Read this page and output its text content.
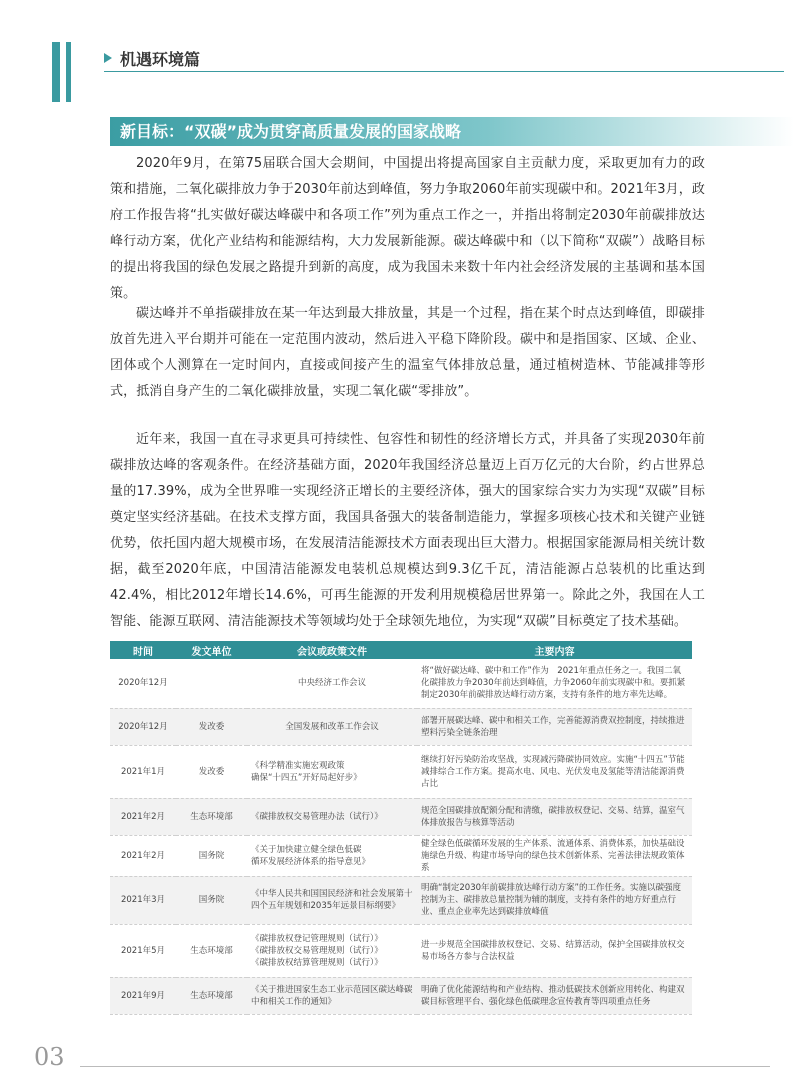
机遇环境篇
新目标：“双碳”成为贯穿高质量发展的国家战略
2020年9月，在第75届联合国大会期间，中国提出将提高国家自主贡献力度，采取更加有力的政策和措施，二氧化碳排放力争于2030年前达到峰值，努力争取2060年前实现碳中和。2021年3月，政府工作报告将“扎实做好碳达峰碳中和各项工作”列为重点工作之一，并指出将制定2030年前碳排放达峰行动方案，优化产业结构和能源结构，大力发展新能源。碳达峰碳中和（以下简称“双碳”）战略目标的提出将我国的绿色发展之路提升到新的高度，成为我国未来数十年内社会经济发展的主基调和基本国策。
碳达峰并不单指碳排放在某一年达到最大排放量，其是一个过程，指在某个时点达到峰值，即碳排放首先进入平台期并可能在一定范围内波动，然后进入平稳下降阶段。碳中和是指国家、区域、企业、团体或个人测算在一定时间内，直接或间接产生的温室气体排放总量，通过植树造林、节能减排等形式，抵消自身产生的二氧化碳排放量，实现二氧化碳“零排放”。
近年来，我国一直在寻求更具可持续性、包容性和韧性的经济增长方式，并具备了实现2030年前碳排放达峰的客观条件。在经济基础方面，2020年我国经济总量迈上百万亿元的大台阶，约占世界总量的17.39%，成为全世界唯一实现经济正增长的主要经济体，强大的国家综合实力为实现“双碳”目标奠定坚实经济基础。在技术支撑方面，我国具备强大的装备制造能力，掌握多项核心技术和关键产业链优势，依托国内超大规模市场，在发展清洁能源技术方面表现出巨大潜力。根据国家能源局相关统计数据，截至2020年底，中国清洁能源发电装机总规模达到9.3亿千瓦，清洁能源占总装机的比重达到42.4%，相比2012年增长14.6%，可再生能源的开发利用规模稳居世界第一。除此之外，我国在人工智能、能源互联网、清洁能源技术等领域均处于全球领先地位，为实现“双碳”目标奠定了技术基础。
时间	发文单位	会议或政策文件	主要内容
2020年12月		中央经济工作会议	将“做好碳达峰、碳中和工作”作为　2021年重点任务之一。我国二氧化碳排放力争2030年前达到峰值，力争2060年前实现碳中和。要抓紧制定2030年前碳排放达峰行动方案，支持有条件的地方率先达峰。
2020年12月	发改委	全国发展和改革工作会议	部署开展碳达峰、碳中和相关工作，完善能源消费双控制度，持续推进塑料污染全链条治理
2021年1月	发改委	《科学精准实施宏观政策
确保“十四五”开好局起好步》	继续打好污染防治攻坚战，实现减污降碳协同效应。实施“十四五”节能减排综合工作方案。提高水电、风电、光伏发电及氢能等清洁能源消费占比
2021年2月	生态环境部	《碳排放权交易管理办法（试行）》	规范全国碳排放配额分配和清缴，碳排放权登记、交易、结算，温室气体排放报告与核算等活动
2021年2月	国务院	《关于加快建立健全绿色低碳
循环发展经济体系的指导意见》	健全绿色低碳循环发展的生产体系、流通体系、消费体系，加快基础设施绿色升级、构建市场导向的绿色技术创新体系、完善法律法规政策体系
2021年3月	国务院	《中华人民共和国国民经济和社会发展第十
四个五年规划和2035年远景目标纲要》	明确“制定2030年前碳排放达峰行动方案”的工作任务。实施以碳强度控制为主、碳排放总量控制为辅的制度，支持有条件的地方好重点行业、重点企业率先达到碳排放峰值
2021年5月	生态环境部	《碳排放权登记管理规则（试行）》
《碳排放权交易管理规则（试行）》
《碳排放权结算管理规则（试行）》	进一步规范全国碳排放权登记、交易、结算活动，保护全国碳排放权交易市场各方参与合法权益
2021年9月	生态环境部	《关于推进国家生态工业示范园区碳达峰碳
中和相关工作的通知》	明确了优化能源结构和产业结构、推动低碳技术创新应用转化、构建双碳目标管理平台、强化绿色低碳理念宣传教育等四项重点任务
03
